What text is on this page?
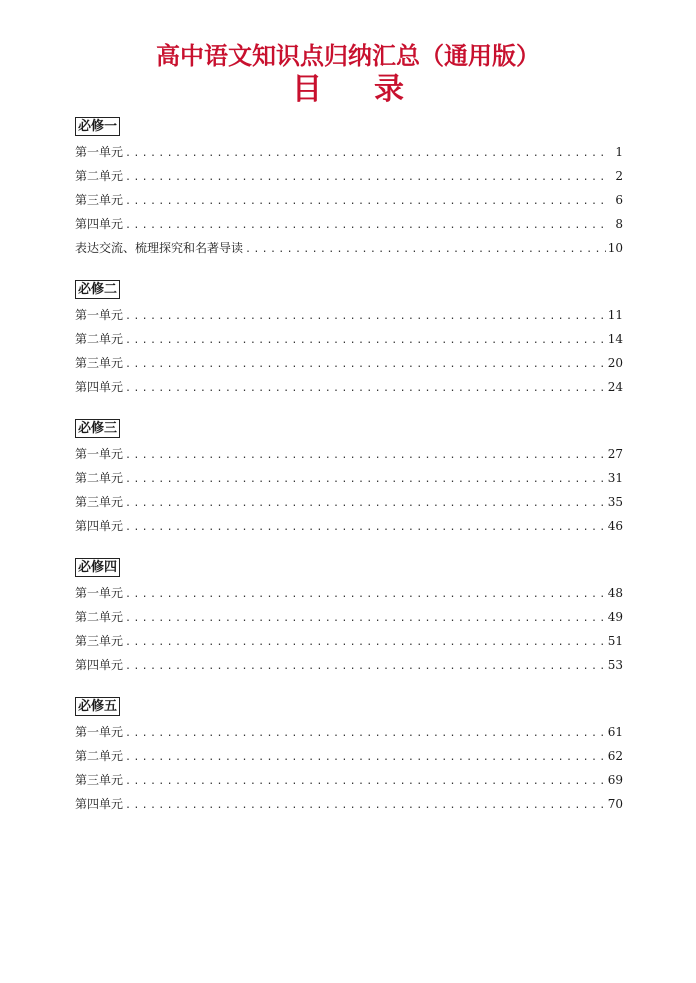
高中语文知识点归纳汇总（通用版）
目录
必修一
第一单元 .....	1
第二单元 .....	2
第三单元 .....	6
第四单元 .....	8
表达交流、梳理探究和名著导读 .....	10
必修二
第一单元 .....	11
第二单元 .....	14
第三单元 .....	20
第四单元 .....	24
必修三
第一单元 .....	27
第二单元 .....	31
第三单元 .....	35
第四单元 .....	46
必修四
第一单元 .....	48
第二单元 .....	49
第三单元 .....	51
第四单元 .....	53
必修五
第一单元 .....	61
第二单元 .....	62
第三单元 .....	69
第四单元 .....	70
